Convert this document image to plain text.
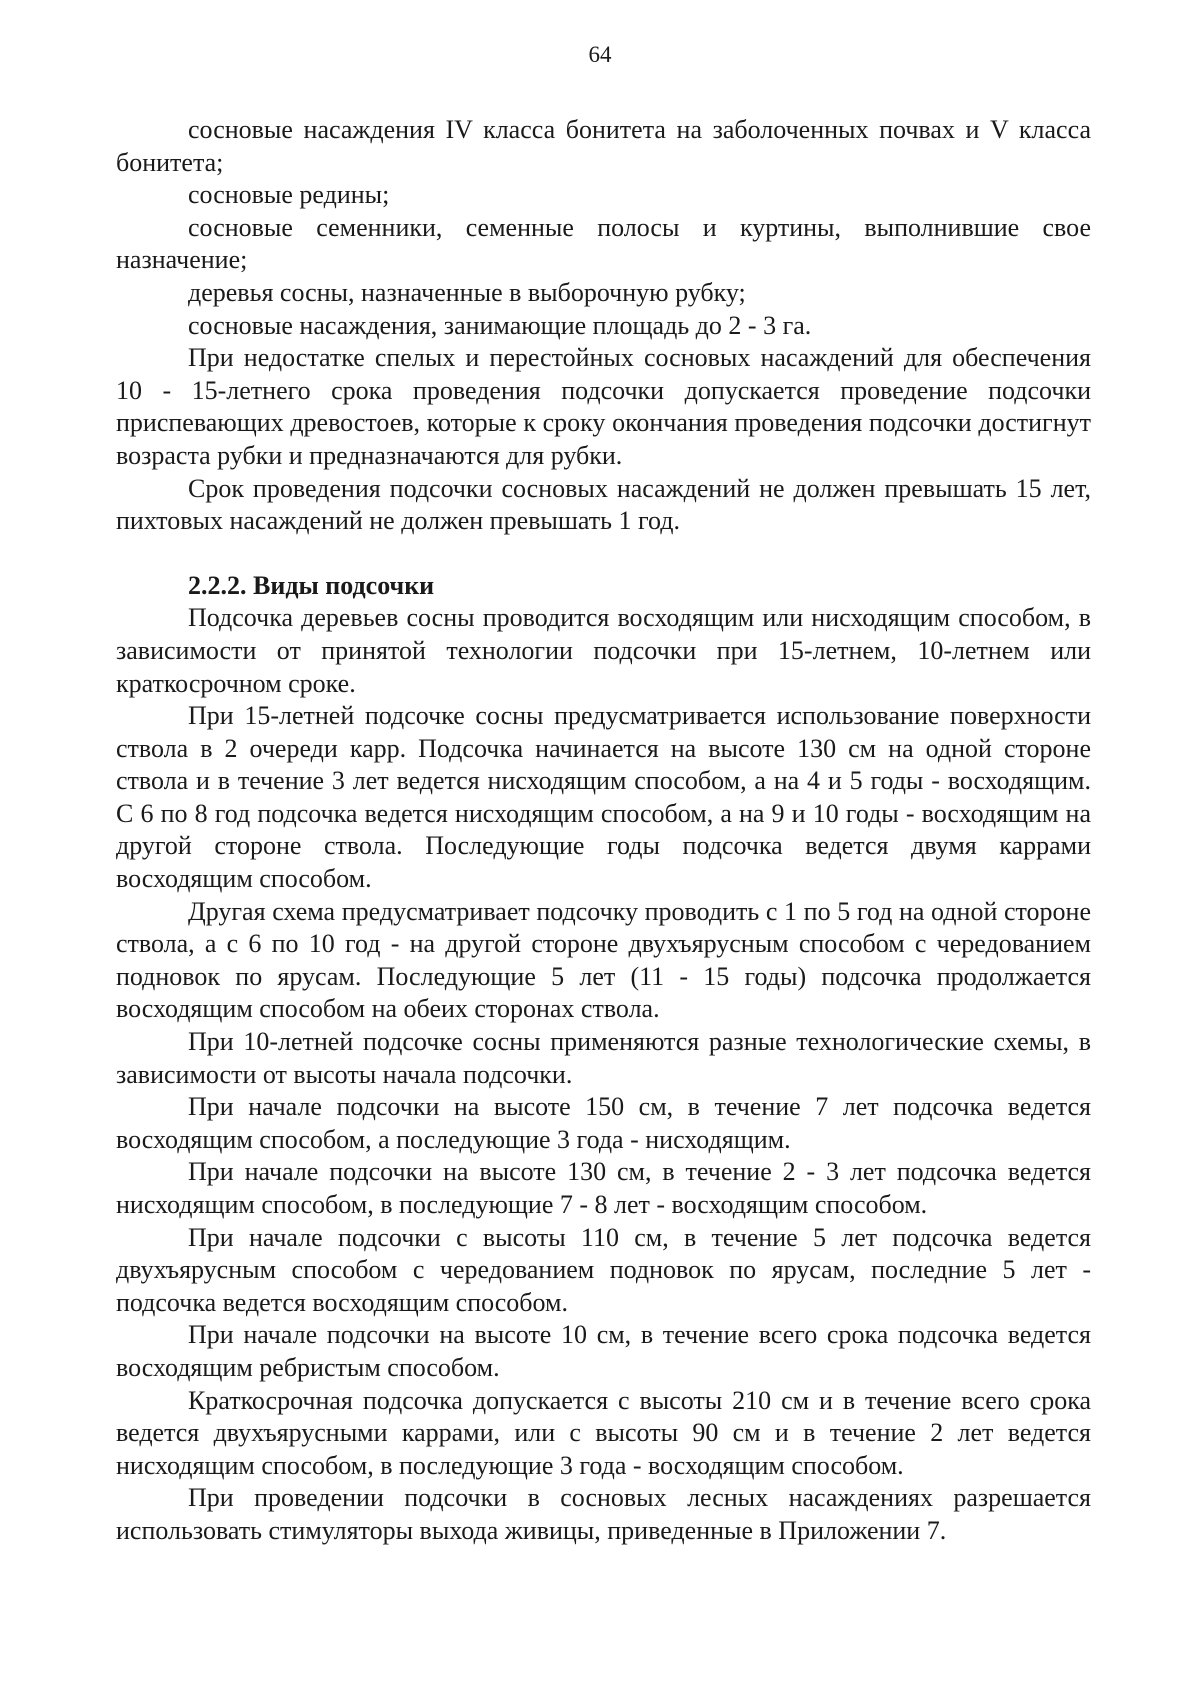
64

сосновые насаждения IV класса бонитета на заболоченных почвах и V класса бонитета;

сосновые редины;

сосновые семенники, семенные полосы и куртины, выполнившие свое назначение;

деревья сосны, назначенные в выборочную рубку;

сосновые насаждения, занимающие площадь до 2 - 3 га.

При недостатке спелых и перестойных сосновых насаждений для обеспечения 10 - 15-летнего срока проведения подсочки допускается проведение подсочки приспевающих древостоев, которые к сроку окончания проведения подсочки достигнут возраста рубки и предназначаются для рубки.

Срок проведения подсочки сосновых насаждений не должен превышать 15 лет, пихтовых насаждений не должен превышать 1 год.

2.2.2. Виды подсочки

Подсочка деревьев сосны проводится восходящим или нисходящим способом, в зависимости от принятой технологии подсочки при 15-летнем, 10-летнем или краткосрочном сроке.

При 15-летней подсочке сосны предусматривается использование поверхности ствола в 2 очереди карр. Подсочка начинается на высоте 130 см на одной стороне ствола и в течение 3 лет ведется нисходящим способом, а на 4 и 5 годы - восходящим. С 6 по 8 год подсочка ведется нисходящим способом, а на 9 и 10 годы - восходящим на другой стороне ствола. Последующие годы подсочка ведется двумя каррами восходящим способом.

Другая схема предусматривает подсочку проводить с 1 по 5 год на одной стороне ствола, а с 6 по 10 год - на другой стороне двухъярусным способом с чередованием подновок по ярусам. Последующие 5 лет (11 - 15 годы) подсочка продолжается восходящим способом на обеих сторонах ствола.

При 10-летней подсочке сосны применяются разные технологические схемы, в зависимости от высоты начала подсочки.

При начале подсочки на высоте 150 см, в течение 7 лет подсочка ведется восходящим способом, а последующие 3 года - нисходящим.

При начале подсочки на высоте 130 см, в течение 2 - 3 лет подсочка ведется нисходящим способом, в последующие 7 - 8 лет - восходящим способом.

При начале подсочки с высоты 110 см, в течение 5 лет подсочка ведется двухъярусным способом с чередованием подновок по ярусам, последние 5 лет - подсочка ведется восходящим способом.

При начале подсочки на высоте 10 см, в течение всего срока подсочка ведется восходящим ребристым способом.

Краткосрочная подсочка допускается с высоты 210 см и в течение всего срока ведется двухъярусными каррами, или с высоты 90 см и в течение 2 лет ведется нисходящим способом, в последующие 3 года - восходящим способом.

При проведении подсочки в сосновых лесных насаждениях разрешается использовать стимуляторы выхода живицы, приведенные в Приложении 7.
